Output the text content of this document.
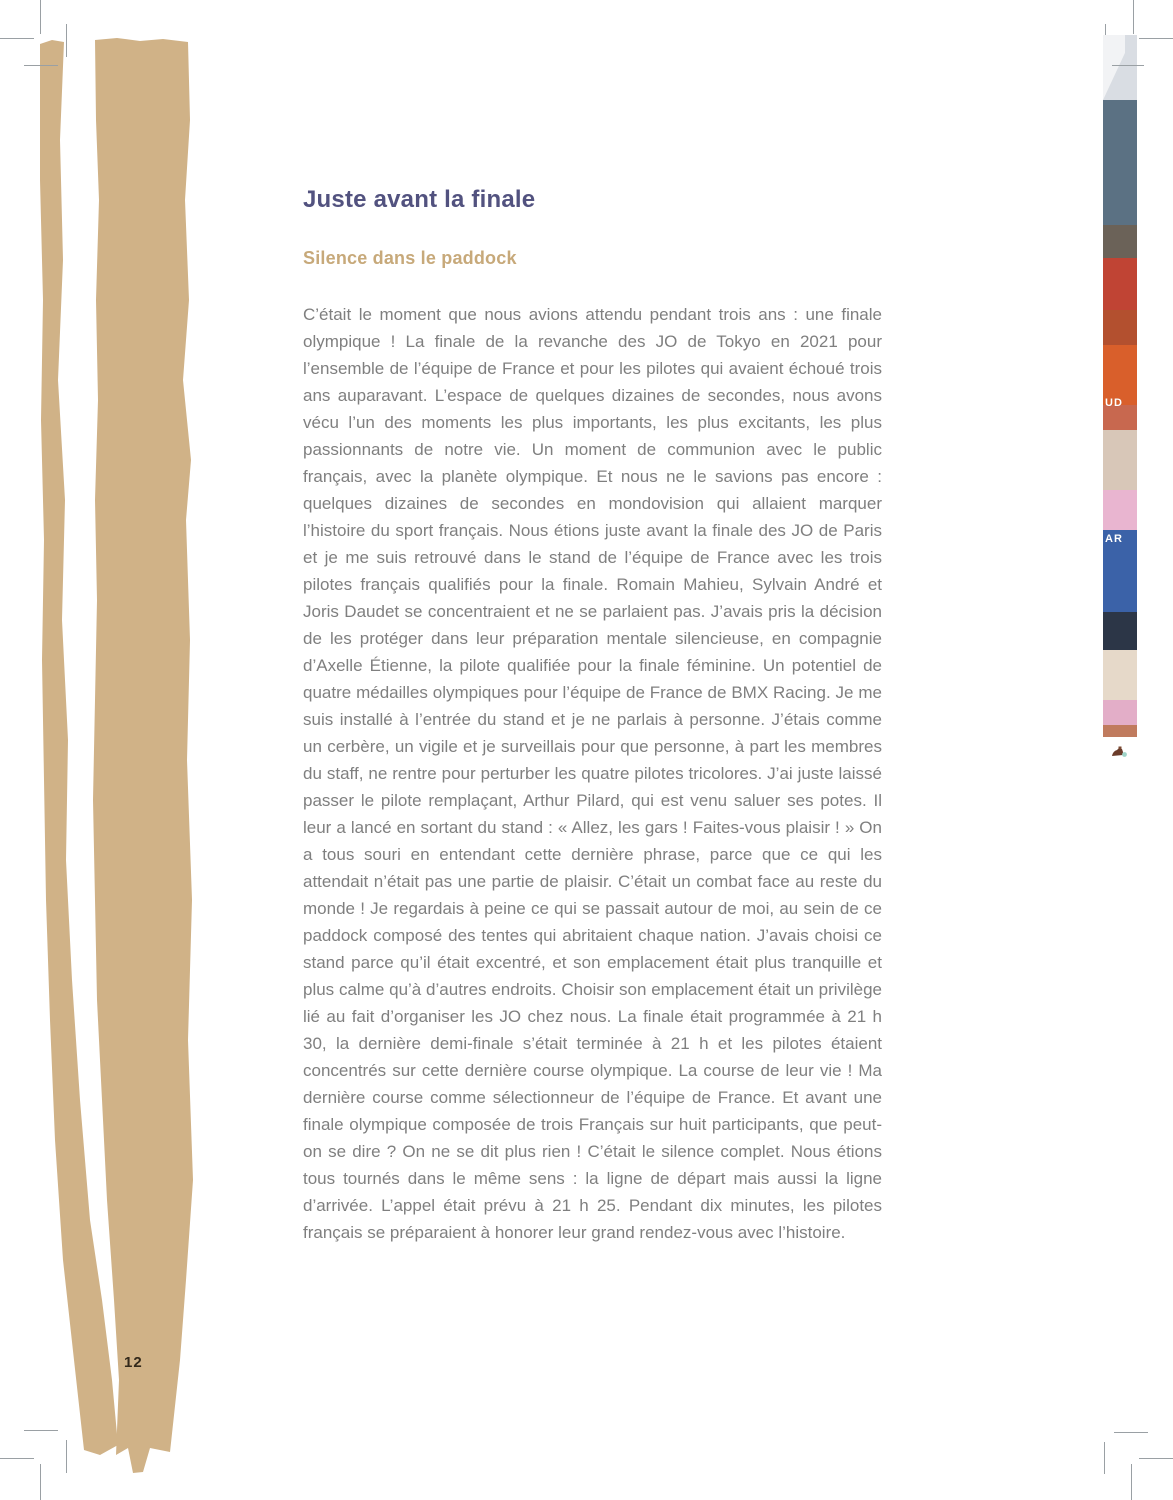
Juste avant la finale
Silence dans le paddock

C’était le moment que nous avions attendu pendant trois ans : une finale olympique ! La finale de la revanche des JO de Tokyo en 2021 pour l’ensemble de l’équipe de France et pour les pilotes qui avaient échoué trois ans auparavant. L’espace de quelques dizaines de secondes, nous avons vécu l’un des moments les plus importants, les plus excitants, les plus passionnants de notre vie. Un moment de communion avec le public français, avec la planète olympique. Et nous ne le savions pas encore : quelques dizaines de secondes en mondovision qui allaient marquer l’histoire du sport français. Nous étions juste avant la finale des JO de Paris et je me suis retrouvé dans le stand de l’équipe de France avec les trois pilotes français qualifiés pour la finale. Romain Mahieu, Sylvain André et Joris Daudet se concentraient et ne se parlaient pas. J’avais pris la décision de les protéger dans leur préparation mentale silencieuse, en compagnie d’Axelle Étienne, la pilote qualifiée pour la finale féminine. Un potentiel de quatre médailles olympiques pour l’équipe de France de BMX Racing. Je me suis installé à l’entrée du stand et je ne parlais à personne. J’étais comme un cerbère, un vigile et je surveillais pour que personne, à part les membres du staff, ne rentre pour perturber les quatre pilotes tricolores. J’ai juste laissé passer le pilote remplaçant, Arthur Pilard, qui est venu saluer ses potes. Il leur a lancé en sortant du stand : « Allez, les gars ! Faites-vous plaisir ! » On a tous souri en entendant cette dernière phrase, parce que ce qui les attendait n’était pas une partie de plaisir. C’était un combat face au reste du monde ! Je regardais à peine ce qui se passait autour de moi, au sein de ce paddock composé des tentes qui abritaient chaque nation. J’avais choisi ce stand parce qu’il était excentré, et son emplacement était plus tranquille et plus calme qu’à d’autres endroits. Choisir son emplacement était un privilège lié au fait d’organiser les JO chez nous. La finale était programmée à 21 h 30, la dernière demi-finale s’était terminée à 21 h et les pilotes étaient concentrés sur cette dernière course olympique. La course de leur vie ! Ma dernière course comme sélectionneur de l’équipe de France. Et avant une finale olympique composée de trois Français sur huit participants, que peut-on se dire ? On ne se dit plus rien ! C’était le silence complet. Nous étions tous tournés dans le même sens : la ligne de départ mais aussi la ligne d’arrivée. L’appel était prévu à 21 h 25. Pendant dix minutes, les pilotes français se préparaient à honorer leur grand rendez-vous avec l’histoire.

12
UD
AR
